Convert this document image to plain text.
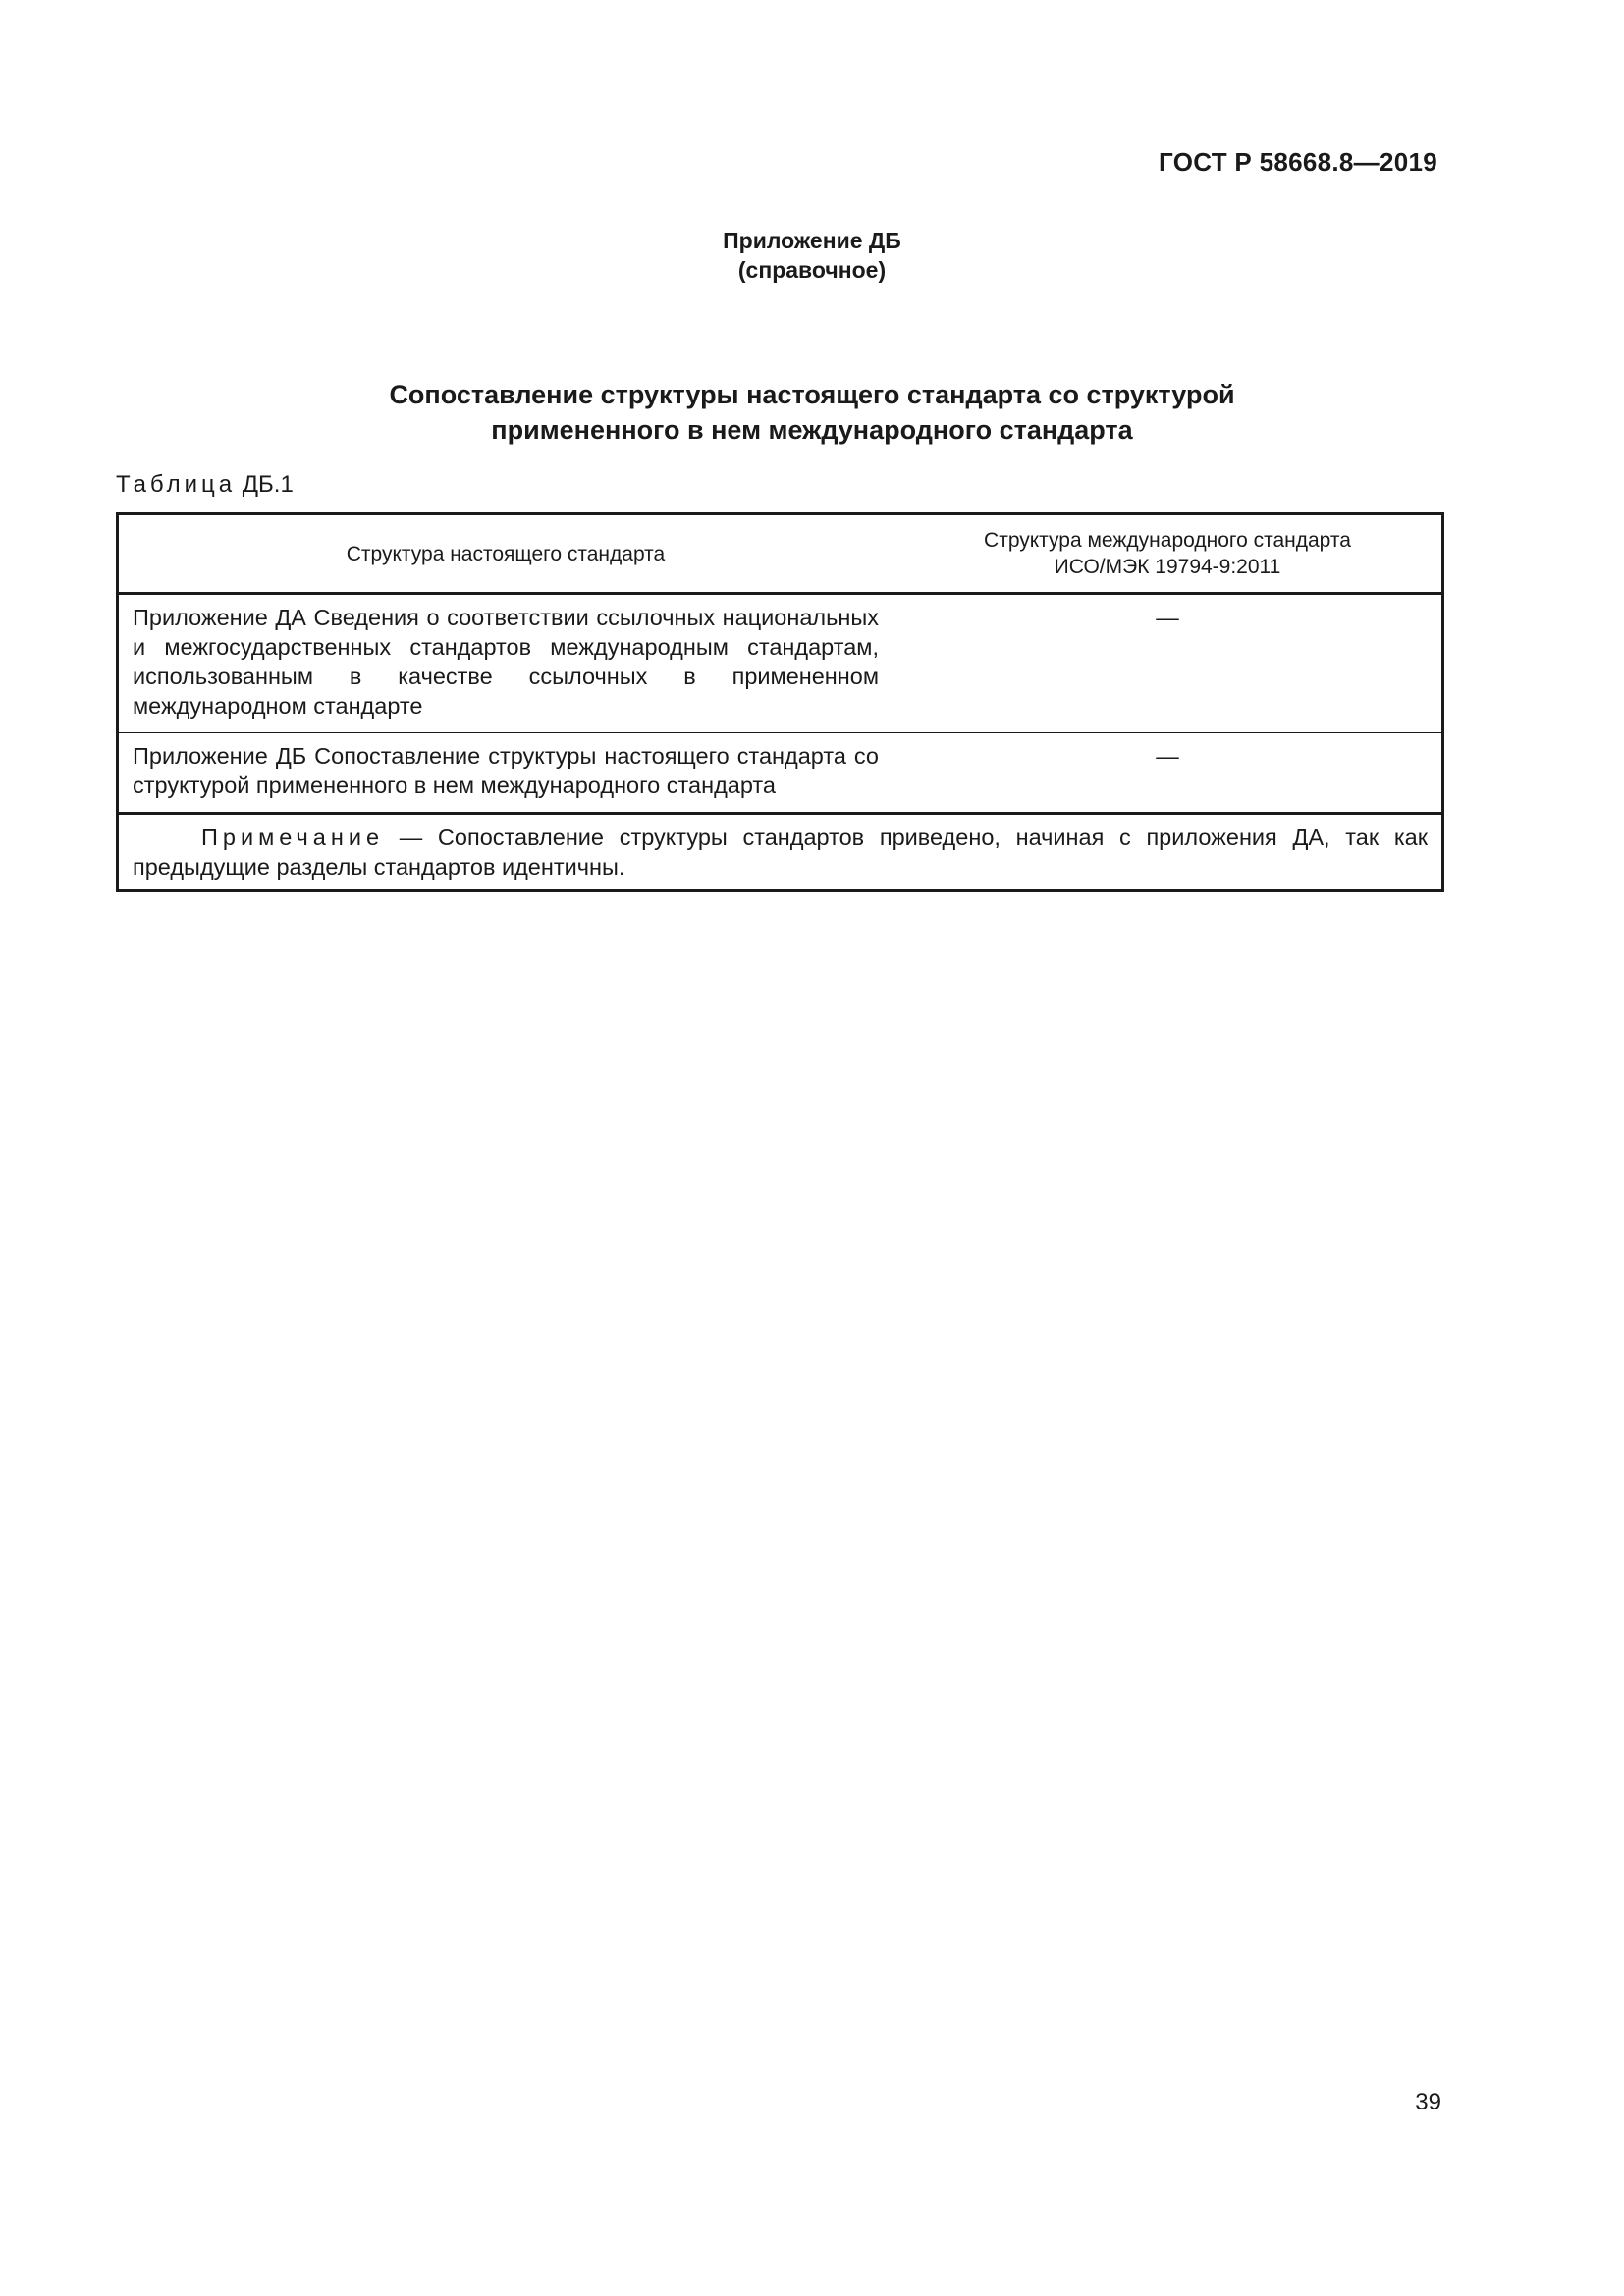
ГОСТ Р 58668.8—2019
Приложение ДБ
(справочное)
Сопоставление структуры настоящего стандарта со структурой
примененного в нем международного стандарта
Таблица ДБ.1
Структура настоящего стандарта	Структура международного стандарта
ИСО/МЭК 19794-9:2011

Приложение ДА Сведения о соответствии ссылочных национальных и межгосударственных стандартов международным стандартам, использованным в качестве ссылочных в примененном международном стандарте	—
Приложение ДБ Сопоставление структуры настоящего стандарта со структурой примененного в нем международного стандарта	—
Примечание — Сопоставление структуры стандартов приведено, начиная с приложения ДА, так как предыдущие разделы стандартов идентичны.	
39
